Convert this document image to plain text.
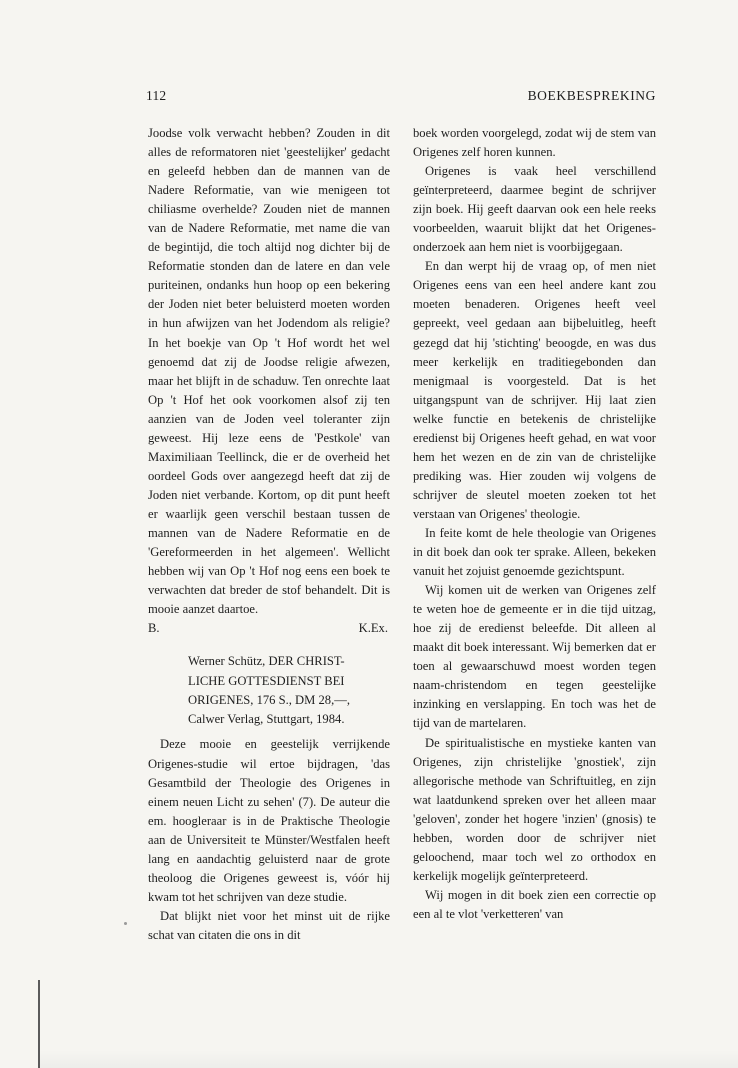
112	BOEKBESPREKING

Joodse volk verwacht hebben? Zouden in dit alles de reformatoren niet 'geestelijker' gedacht en geleefd hebben dan de mannen van de Nadere Reformatie, van wie menigeen tot chiliasme overhelde? Zouden niet de mannen van de Nadere Reformatie, met name die van de begintijd, die toch altijd nog dichter bij de Reformatie stonden dan de latere en dan vele puriteinen, ondanks hun hoop op een bekering der Joden niet beter beluisterd moeten worden in hun afwijzen van het Jodendom als religie? In het boekje van Op 't Hof wordt het wel genoemd dat zij de Joodse religie afwezen, maar het blijft in de schaduw. Ten onrechte laat Op 't Hof het ook voorkomen alsof zij ten aanzien van de Joden veel toleranter zijn geweest. Hij leze eens de 'Pestkole' van Maximiliaan Teellinck, die er de overheid het oordeel Gods over aangezegd heeft dat zij de Joden niet verbande. Kortom, op dit punt heeft er waarlijk geen verschil bestaan tussen de mannen van de Nadere Reformatie en de 'Gereformeerden in het algemeen'. Wellicht hebben wij van Op 't Hof nog eens een boek te verwachten dat breder de stof behandelt. Dit is mooie aanzet daartoe.

B.	K.Ex.

Werner Schütz, DER CHRIST-
LICHE GOTTESDIENST BEI
ORIGENES, 176 S., DM 28,—,
Calwer Verlag, Stuttgart, 1984.

Deze mooie en geestelijk verrijkende Origenes-studie wil ertoe bijdragen, 'das Gesamtbild der Theologie des Origenes in einem neuen Licht zu sehen' (7). De auteur die em. hoogleraar is in de Praktische Theologie aan de Universiteit te Münster/Westfalen heeft lang en aandachtig geluisterd naar de grote theoloog die Origenes geweest is, vóór hij kwam tot het schrijven van deze studie.

Dat blijkt niet voor het minst uit de rijke schat van citaten die ons in dit

boek worden voorgelegd, zodat wij de stem van Origenes zelf horen kunnen.

Origenes is vaak heel verschillend geïnterpreteerd, daarmee begint de schrijver zijn boek. Hij geeft daarvan ook een hele reeks voorbeelden, waaruit blijkt dat het Origenes-onderzoek aan hem niet is voorbijgegaan.

En dan werpt hij de vraag op, of men niet Origenes eens van een heel andere kant zou moeten benaderen. Origenes heeft veel gepreekt, veel gedaan aan bijbeluitleg, heeft gezegd dat hij 'stichting' beoogde, en was dus meer kerkelijk en traditiegebonden dan menigmaal is voorgesteld. Dat is het uitgangspunt van de schrijver. Hij laat zien welke functie en betekenis de christelijke eredienst bij Origenes heeft gehad, en wat voor hem het wezen en de zin van de christelijke prediking was. Hier zouden wij volgens de schrijver de sleutel moeten zoeken tot het verstaan van Origenes' theologie.

In feite komt de hele theologie van Origenes in dit boek dan ook ter sprake. Alleen, bekeken vanuit het zojuist genoemde gezichtspunt.

Wij komen uit de werken van Origenes zelf te weten hoe de gemeente er in die tijd uitzag, hoe zij de eredienst beleefde. Dit alleen al maakt dit boek interessant. Wij bemerken dat er toen al gewaarschuwd moest worden tegen naam-christendom en tegen geestelijke inzinking en verslapping. En toch was het de tijd van de martelaren.

De spiritualistische en mystieke kanten van Origenes, zijn christelijke 'gnostiek', zijn allegorische methode van Schriftuitleg, en zijn wat laatdunkend spreken over het alleen maar 'geloven', zonder het hogere 'inzien' (gnosis) te hebben, worden door de schrijver niet geloochend, maar toch wel zo orthodox en kerkelijk mogelijk geïnterpreteerd.

Wij mogen in dit boek zien een correctie op een al te vlot 'verketteren' van
